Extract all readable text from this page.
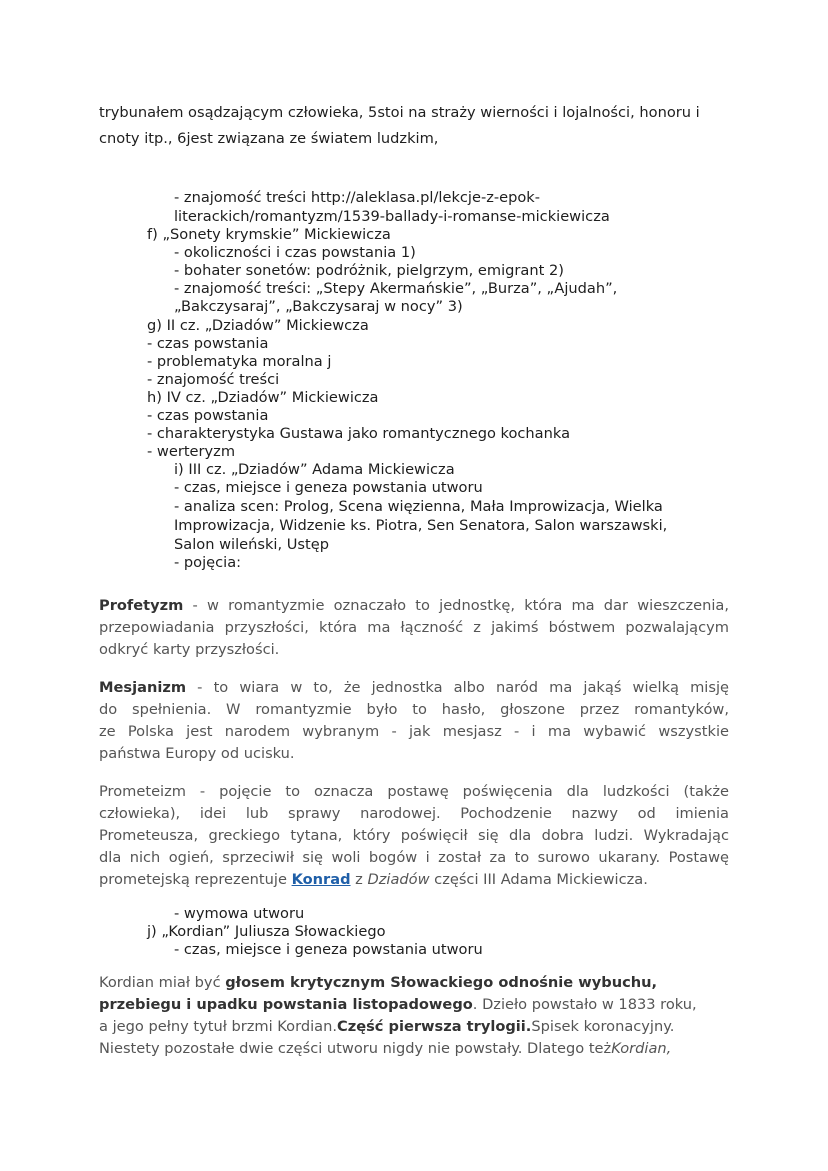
trybunałem osądzającym człowieka, 5stoi na straży wierności i lojalności, honoru i
cnoty itp., 6jest związana ze światem ludzkim,
- znajomość treści http://aleklasa.pl/lekcje-z-epok-
literackich/romantyzm/1539-ballady-i-romanse-mickiewicza
f) „Sonety krymskie” Mickiewicza
- okoliczności i czas powstania 1)
- bohater sonetów: podróżnik, pielgrzym, emigrant 2)
- znajomość treści: „Stepy Akermańskie”, „Burza”, „Ajudah”,
„Bakczysaraj”, „Bakczysaraj w nocy” 3)
g) II cz. „Dziadów” Mickiewcza
- czas powstania
- problematyka moralna j
- znajomość treści
h) IV cz. „Dziadów” Mickiewicza
- czas powstania
- charakterystyka Gustawa jako romantycznego kochanka
- werteryzm
i) III cz. „Dziadów” Adama Mickiewicza
- czas, miejsce i geneza powstania utworu
- analiza scen: Prolog, Scena więzienna, Mała Improwizacja, Wielka
Improwizacja, Widzenie ks. Piotra, Sen Senatora, Salon warszawski,
Salon wileński, Ustęp
- pojęcia:
Profetyzm - w romantyzmie oznaczało to jednostkę, która ma dar wieszczenia,
przepowiadania przyszłości, która ma łączność z jakimś bóstwem pozwalającym
odkryć karty przyszłości.
Mesjanizm - to wiara w to, że jednostka albo naród ma jakąś wielką misję
do spełnienia. W romantyzmie było to hasło, głoszone przez romantyków,
ze Polska jest narodem wybranym - jak mesjasz - i ma wybawić wszystkie
państwa Europy od ucisku.
Prometeizm - pojęcie to oznacza postawę poświęcenia dla ludzkości (także
człowieka), idei lub sprawy narodowej. Pochodzenie nazwy od imienia
Prometeusza, greckiego tytana, który poświęcił się dla dobra ludzi. Wykradając
dla nich ogień, sprzeciwił się woli bogów i został za to surowo ukarany. Postawę
prometejską reprezentuje Konrad z Dziadów części III Adama Mickiewicza.
- wymowa utworu
j) „Kordian” Juliusza Słowackiego
- czas, miejsce i geneza powstania utworu
Kordian miał być głosem krytycznym Słowackiego odnośnie wybuchu,
przebiegu i upadku powstania listopadowego. Dzieło powstało w 1833 roku,
a jego pełny tytuł brzmi Kordian.Część pierwsza trylogii.Spisek koronacyjny.
Niestety pozostałe dwie części utworu nigdy nie powstały. Dlatego teżKordian,
